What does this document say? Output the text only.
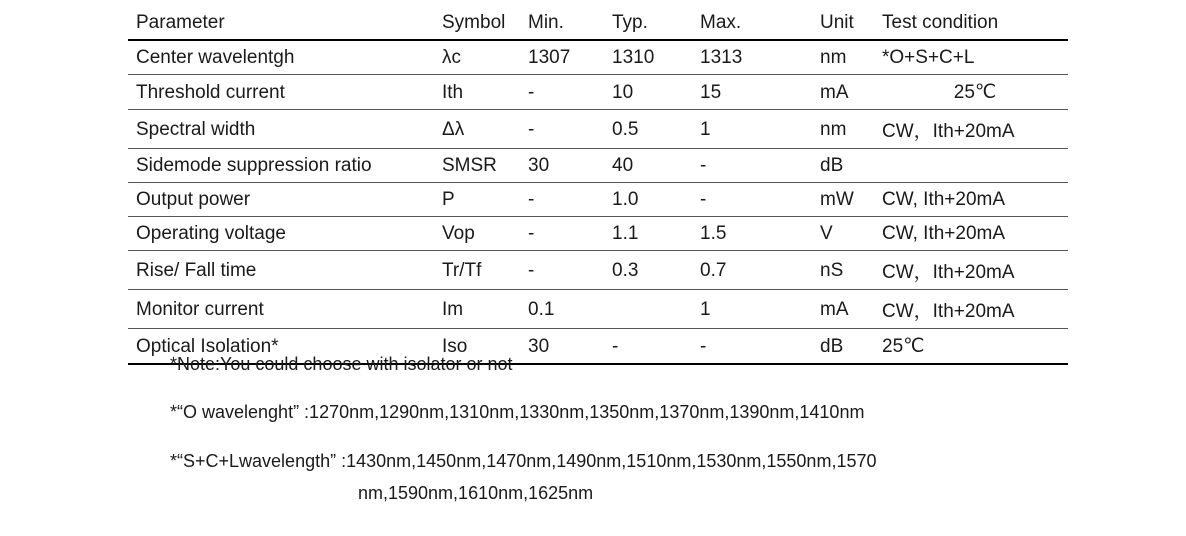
Parameter	Symbol	Min.	Typ.	Max.	Unit	Test condition
Center wavelentgh	λc	1307	1310	1313	nm	*O+S+C+L
Threshold current	Ith	-	10	15	mA	25℃
Spectral width	Δλ	-	0.5	1	nm	CW，Ith+20mA
Sidemode suppression ratio	SMSR	30	40	-	dB	
Output power	P	-	1.0	-	mW	CW, Ith+20mA
Operating voltage	Vop	-	1.1	1.5	V	CW, Ith+20mA
Rise/ Fall time	Tr/Tf	-	0.3	0.7	nS	CW，Ith+20mA
Monitor current	Im	0.1		1	mA	CW，Ith+20mA
Optical Isolation*	Iso	30	-	-	dB	25℃

*Note:You could choose with isolator or not

*“O wavelenght” :1270nm,1290nm,1310nm,1330nm,1350nm,1370nm,1390nm,1410nm

*“S+C+Lwavelength” :1430nm,1450nm,1470nm,1490nm,1510nm,1530nm,1550nm,1570
nm,1590nm,1610nm,1625nm
